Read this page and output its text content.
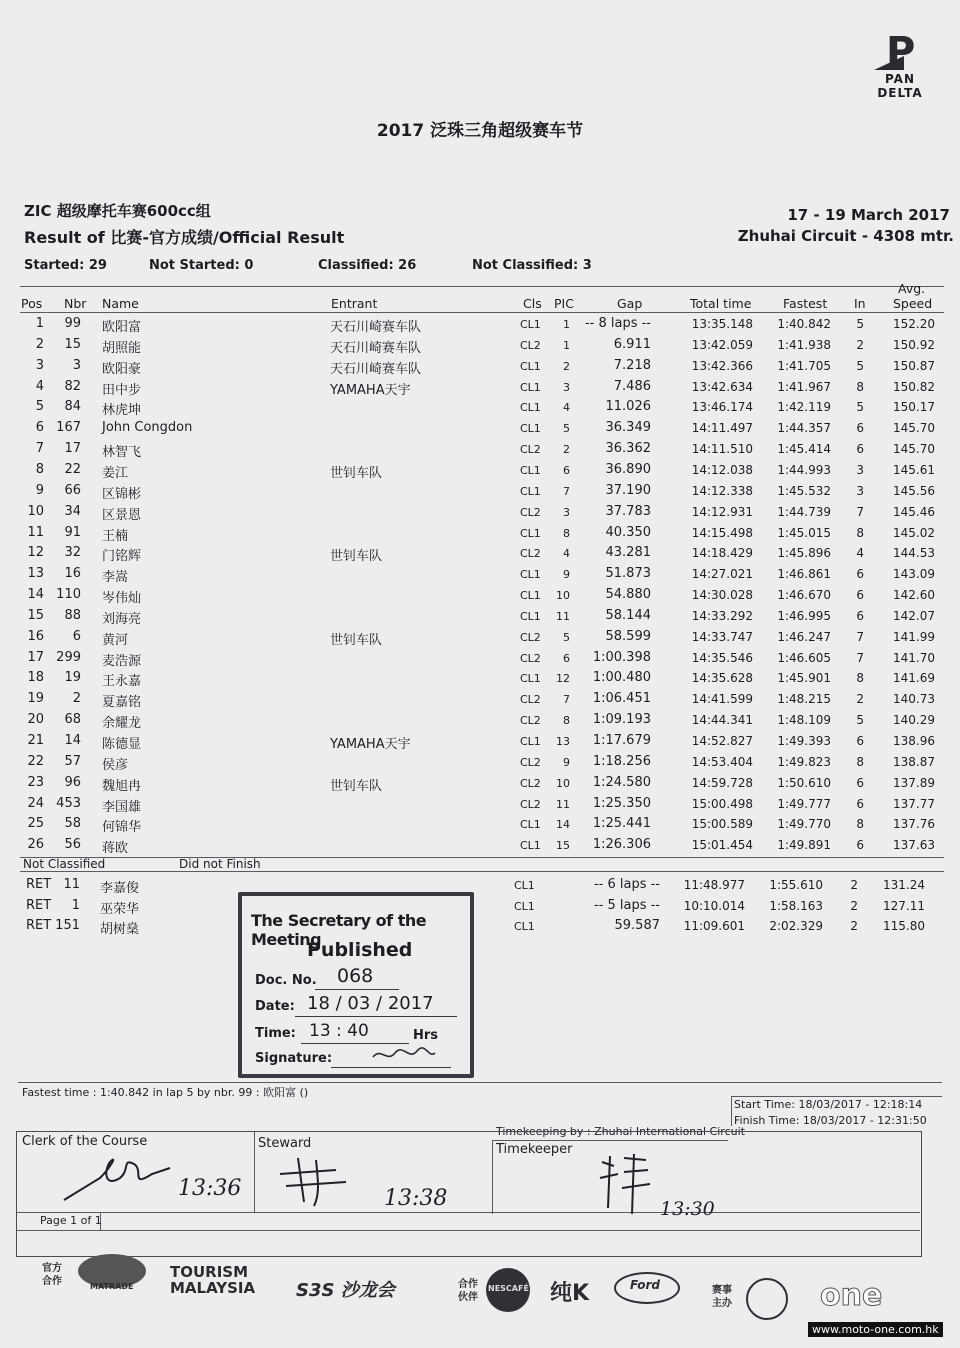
P
PAN DELTA
2017 泛珠三角超级赛车节
ZIC 超级摩托车赛600cc组
Result of 比赛-官方成绩/Official Result
17 - 19 March 2017
Zhuhai Circuit - 4308 mtr.
Started: 29	Not Started: 0	Classified: 26	Not Classified: 3
Pos Nbr Name	Entrant	Cls PIC	Gap	Total time	Fastest In
Avg.
Speed
1 99 欧阳富	天石川崎赛车队	CL1 1 -- 8 laps --	13:35.148 1:40.842 5 152.20
2 15 胡照能	天石川崎赛车队	CL2 1	6.911	13:42.059 1:41.938 2 150.92
3 3 欧阳豪	天石川崎赛车队	CL1 2	7.218	13:42.366 1:41.705 5 150.87
4 82 田中步	YAMAHA天宇	CL1 3	7.486	13:42.634 1:41.967 8 150.82
5 84 林虎坤	CL1 4	11.026	13:46.174 1:42.119 5 150.17
6 167 John Congdon	CL1 5	36.349	14:11.497 1:44.357 6 145.70
7 17 林智飞	CL2 2	36.362	14:11.510 1:45.414 6 145.70
8 22 姜江	世钊车队	CL1 6	36.890	14:12.038 1:44.993 3 145.61
9 66 区锦彬	CL1 7	37.190	14:12.338 1:45.532 3 145.56
10 34 区景恩	CL2 3	37.783	14:12.931 1:44.739 7 145.46
11 91 王楠	CL1 8	40.350	14:15.498 1:45.015 8 145.02
12 32 门铭辉	世钊车队	CL2 4	43.281	14:18.429 1:45.896 4 144.53
13 16 李嵩	CL1 9	51.873	14:27.021 1:46.861 6 143.09
14 110 岑伟灿	CL1 10	54.880	14:30.028 1:46.670 6 142.60
15 88 刘海亮	CL1 11	58.144	14:33.292 1:46.995 6 142.07
16 6 黄河	世钊车队	CL2 5	58.599	14:33.747 1:46.247 7 141.99
17 299 麦浩源	CL2 6 1:00.398	14:35.546 1:46.605 7 141.70
18 19 王永嘉	CL1 12 1:00.480	14:35.628 1:45.901 8 141.69
19 2 夏嘉铭	CL2 7 1:06.451	14:41.599 1:48.215 2 140.73
20 68 余耀龙	CL2 8 1:09.193	14:44.341 1:48.109 5 140.29
21 14 陈德显	YAMAHA天宇	CL1 13 1:17.679	14:52.827 1:49.393 6 138.96
22 57 侯彦	CL2 9 1:18.256	14:53.404 1:49.823 8 138.87
23 96 魏旭冉	世钊车队	CL2 10 1:24.580	14:59.728 1:50.610 6 137.89
24 453 李国雄	CL2 11 1:25.350	15:00.498 1:49.777 6 137.77
25 58 何锦华	CL1 14 1:25.441	15:00.589 1:49.770 8 137.76
26 56 蒋欧	CL1 15 1:26.306	15:01.454 1:49.891 6 137.63
Not Classified	Did not Finish
RET 11 李嘉俊	CL1	-- 6 laps -- 11:48.977 1:55.610 2 131.24
RET 1 巫荣华	CL1	-- 5 laps -- 10:10.014 1:58.163 2 127.11
RET 151 胡树燊	CL1	59.587 11:09.601 2:02.329 2 115.80
The Secretary of the Meeting
Published
Doc. No. 068
Date: 18 / 03 / 2017
Time: 13 : 40	Hrs
Signature:
Fastest time : 1:40.842 in lap 5 by nbr. 99 : 欧阳富 ()
Start Time: 18/03/2017 - 12:18:14
Finish Time: 18/03/2017 - 12:31:50
Timekeeping by : Zhuhai International Circuit
Clerk of the Course	Steward	Timekeeper
Page 1 of 1
13:36	13:38	13:30
官方
合作	MATRADE
TOURISM MALAYSIA	S3S 沙龙会	合作
伙伴
NESCAFÉ 纯K	Ford	赛事
主办	one
www.moto-one.com.hk
